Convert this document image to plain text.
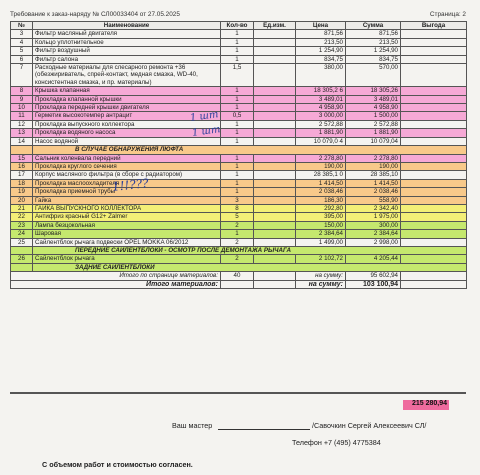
Требование к заказ-наряду № СЛ00033404 от 27.05.2025	Страница: 2
№	Наименование	Кол-во	Ед.изм.	Цена	Сумма	Выгода
3	Фильтр масляный двигателя	1		871,56	871,56	
4	Кольцо уплотнительное	1		213,50	213,50	
5	Фильтр воздушный	1		1 254,90	1 254,90	
6	Фильтр салона	1		834,75	834,75	
7	Расходные материалы для слесарного ремонта +36 (обезжириватель, спрей-контакт, медная смазка, WD-40, консистентная смазка, и пр. материалы)	1,5		380,00	570,00	
8	Крышка клапанная	1		18 305,2 6	18 305,26	
9	Прокладка клапанной крышки	1		3 489,01	3 489,01	
10	Прокладка передней крышки двигателя	1		4 958,90	4 958,90	
11	Герметик высокотемпер антрацит	0,5		3 000,00	1 500,00	
12	Прокладка выпускного коллектора	1		2 572,88	2 572,88	
13	Прокладка водяного насоса	1		1 881,90	1 881,90	
14	Насос водяной	1		10 079,0 4	10 079,04	
	В СЛУЧАЕ ОБНАРУЖЕНИЯ ЛЮФТА					
15	Сальник коленвала передний	1		2 278,80	2 278,80	
16	Прокладка круглого сечения	1		190,00	190,00	
17	Корпус масляного фильтра (в сборе с радиатором)	1		28 385,1 0	28 385,10	
18	Прокладка маслоохладителя	1		1 414,50	1 414,50	
19	Прокладка приемной трубы	1		2 038,46	2 038,46	
20	Гайка	3		186,30	558,90	
21	ГАЙКА ВЫПУСКНОГО КОЛЛЕКТОРА	8		292,80	2 342,40	
22	Антифриз красный G12+ Zalmer	5		395,00	1 975,00	
23	Лампа безцокольная	2		150,00	300,00	
24	Шаровая	1		2 384,64	2 384,64	
25	Сайлентблок рычага подвески OPEL MOKKA 06/2012	2		1 499,00	2 998,00	
	ПЕРЕДНИЕ САЙЛЕНТБЛОКИ - ОСМОТР ПОСЛЕ ДЕМОНТАЖА РЫЧАГА					
26	Сайлентблок рычага	2		2 102,72	4 205,44	
	ЗАДНИЕ САЙЛЕНТБЛОКИ					
Итого по странице материалов:		40		на сумму:	95 602,94	
Итого материалов:				на сумму:	103 100,94	
1 шт
1 шт
1!!???
215 280,94
Ваш мастер	/Савочкин Сергей Алексеевич СЛ/
Телефон +7 (495) 4775384
С объемом работ и стоимостью согласен.
